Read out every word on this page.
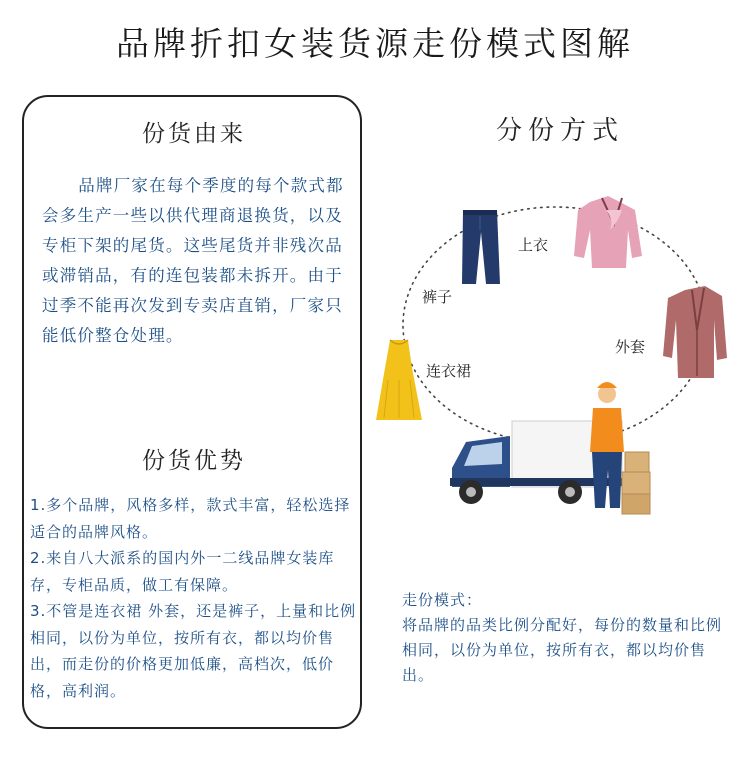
品牌折扣女装货源走份模式图解
份货由来
品牌厂家在每个季度的每个款式都会多生产一些以供代理商退换货，以及专柜下架的尾货。这些尾货并非残次品或滞销品，有的连包装都未拆开。由于过季不能再次发到专卖店直销，厂家只能低价整仓处理。
份货优势
1.多个品牌，风格多样，款式丰富，轻松选择适合的品牌风格。
2.来自八大派系的国内外一二线品牌女装库存，专柜品质，做工有保障。
3.不管是连衣裙 外套，还是裤子，上量和比例相同，以份为单位，按所有衣，都以均价售出，而走份的价格更加低廉，高档次，低价格，高利润。
分份方式
上衣
裤子
外套
连衣裙
走份模式：
将品牌的品类比例分配好，每份的数量和比例相同，以份为单位，按所有衣，都以均价售出。
